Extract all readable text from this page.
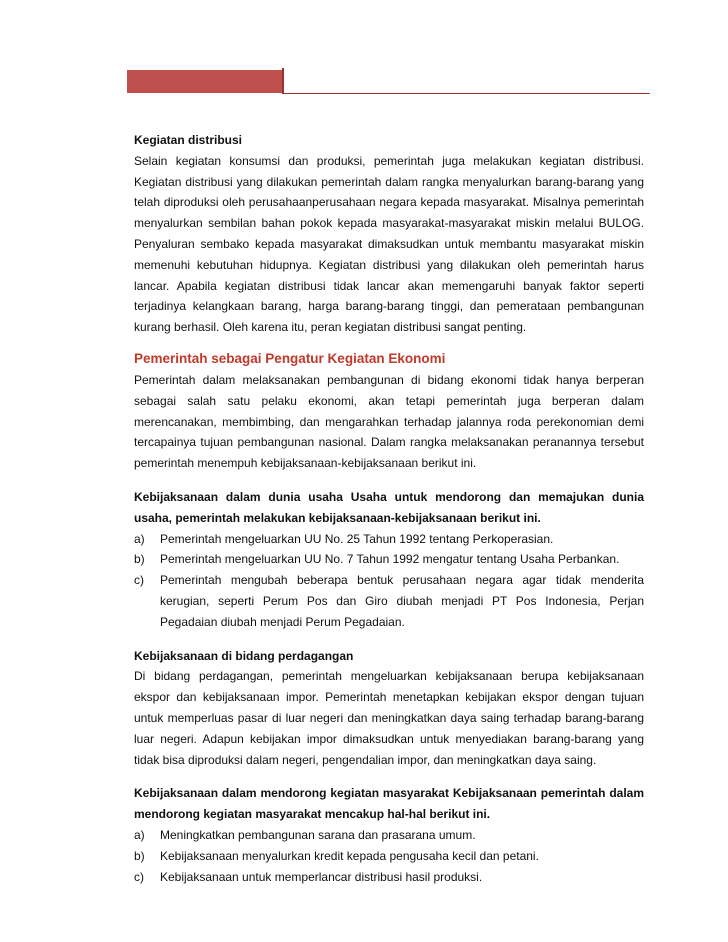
Kegiatan distribusi

Selain kegiatan konsumsi dan produksi, pemerintah juga melakukan kegiatan distribusi. Kegiatan distribusi yang dilakukan pemerintah dalam rangka menyalurkan barang-barang yang telah diproduksi oleh perusahaanperusahaan negara kepada masyarakat. Misalnya pemerintah menyalurkan sembilan bahan pokok kepada masyarakat-masyarakat miskin melalui BULOG. Penyaluran sembako kepada masyarakat dimaksudkan untuk membantu masyarakat miskin memenuhi kebutuhan hidupnya. Kegiatan distribusi yang dilakukan oleh pemerintah harus lancar. Apabila kegiatan distribusi tidak lancar akan memengaruhi banyak faktor seperti terjadinya kelangkaan barang, harga barang-barang tinggi, dan pemerataan pembangunan kurang berhasil. Oleh karena itu, peran kegiatan distribusi sangat penting.

Pemerintah sebagai Pengatur Kegiatan Ekonomi

Pemerintah dalam melaksanakan pembangunan di bidang ekonomi tidak hanya berperan sebagai salah satu pelaku ekonomi, akan tetapi pemerintah juga berperan dalam merencanakan, membimbing, dan mengarahkan terhadap jalannya roda perekonomian demi tercapainya tujuan pembangunan nasional. Dalam rangka melaksanakan peranannya tersebut pemerintah menempuh kebijaksanaan-kebijaksanaan berikut ini.

Kebijaksanaan dalam dunia usaha Usaha untuk mendorong dan memajukan dunia usaha, pemerintah melakukan kebijaksanaan-kebijaksanaan berikut ini.

a) Pemerintah mengeluarkan UU No. 25 Tahun 1992 tentang Perkoperasian.
b) Pemerintah mengeluarkan UU No. 7 Tahun 1992 mengatur tentang Usaha Perbankan.
c) Pemerintah mengubah beberapa bentuk perusahaan negara agar tidak menderita kerugian, seperti Perum Pos dan Giro diubah menjadi PT Pos Indonesia, Perjan Pegadaian diubah menjadi Perum Pegadaian.
Kebijaksanaan di bidang perdagangan

Di bidang perdagangan, pemerintah mengeluarkan kebijaksanaan berupa kebijaksanaan ekspor dan kebijaksanaan impor. Pemerintah menetapkan kebijakan ekspor dengan tujuan untuk memperluas pasar di luar negeri dan meningkatkan daya saing terhadap barang-barang luar negeri. Adapun kebijakan impor dimaksudkan untuk menyediakan barang-barang yang tidak bisa diproduksi dalam negeri, pengendalian impor, dan meningkatkan daya saing.

Kebijaksanaan dalam mendorong kegiatan masyarakat Kebijaksanaan pemerintah dalam mendorong kegiatan masyarakat mencakup hal-hal berikut ini.

a) Meningkatkan pembangunan sarana dan prasarana umum.
b) Kebijaksanaan menyalurkan kredit kepada pengusaha kecil dan petani.
c) Kebijaksanaan untuk memperlancar distribusi hasil produksi.
